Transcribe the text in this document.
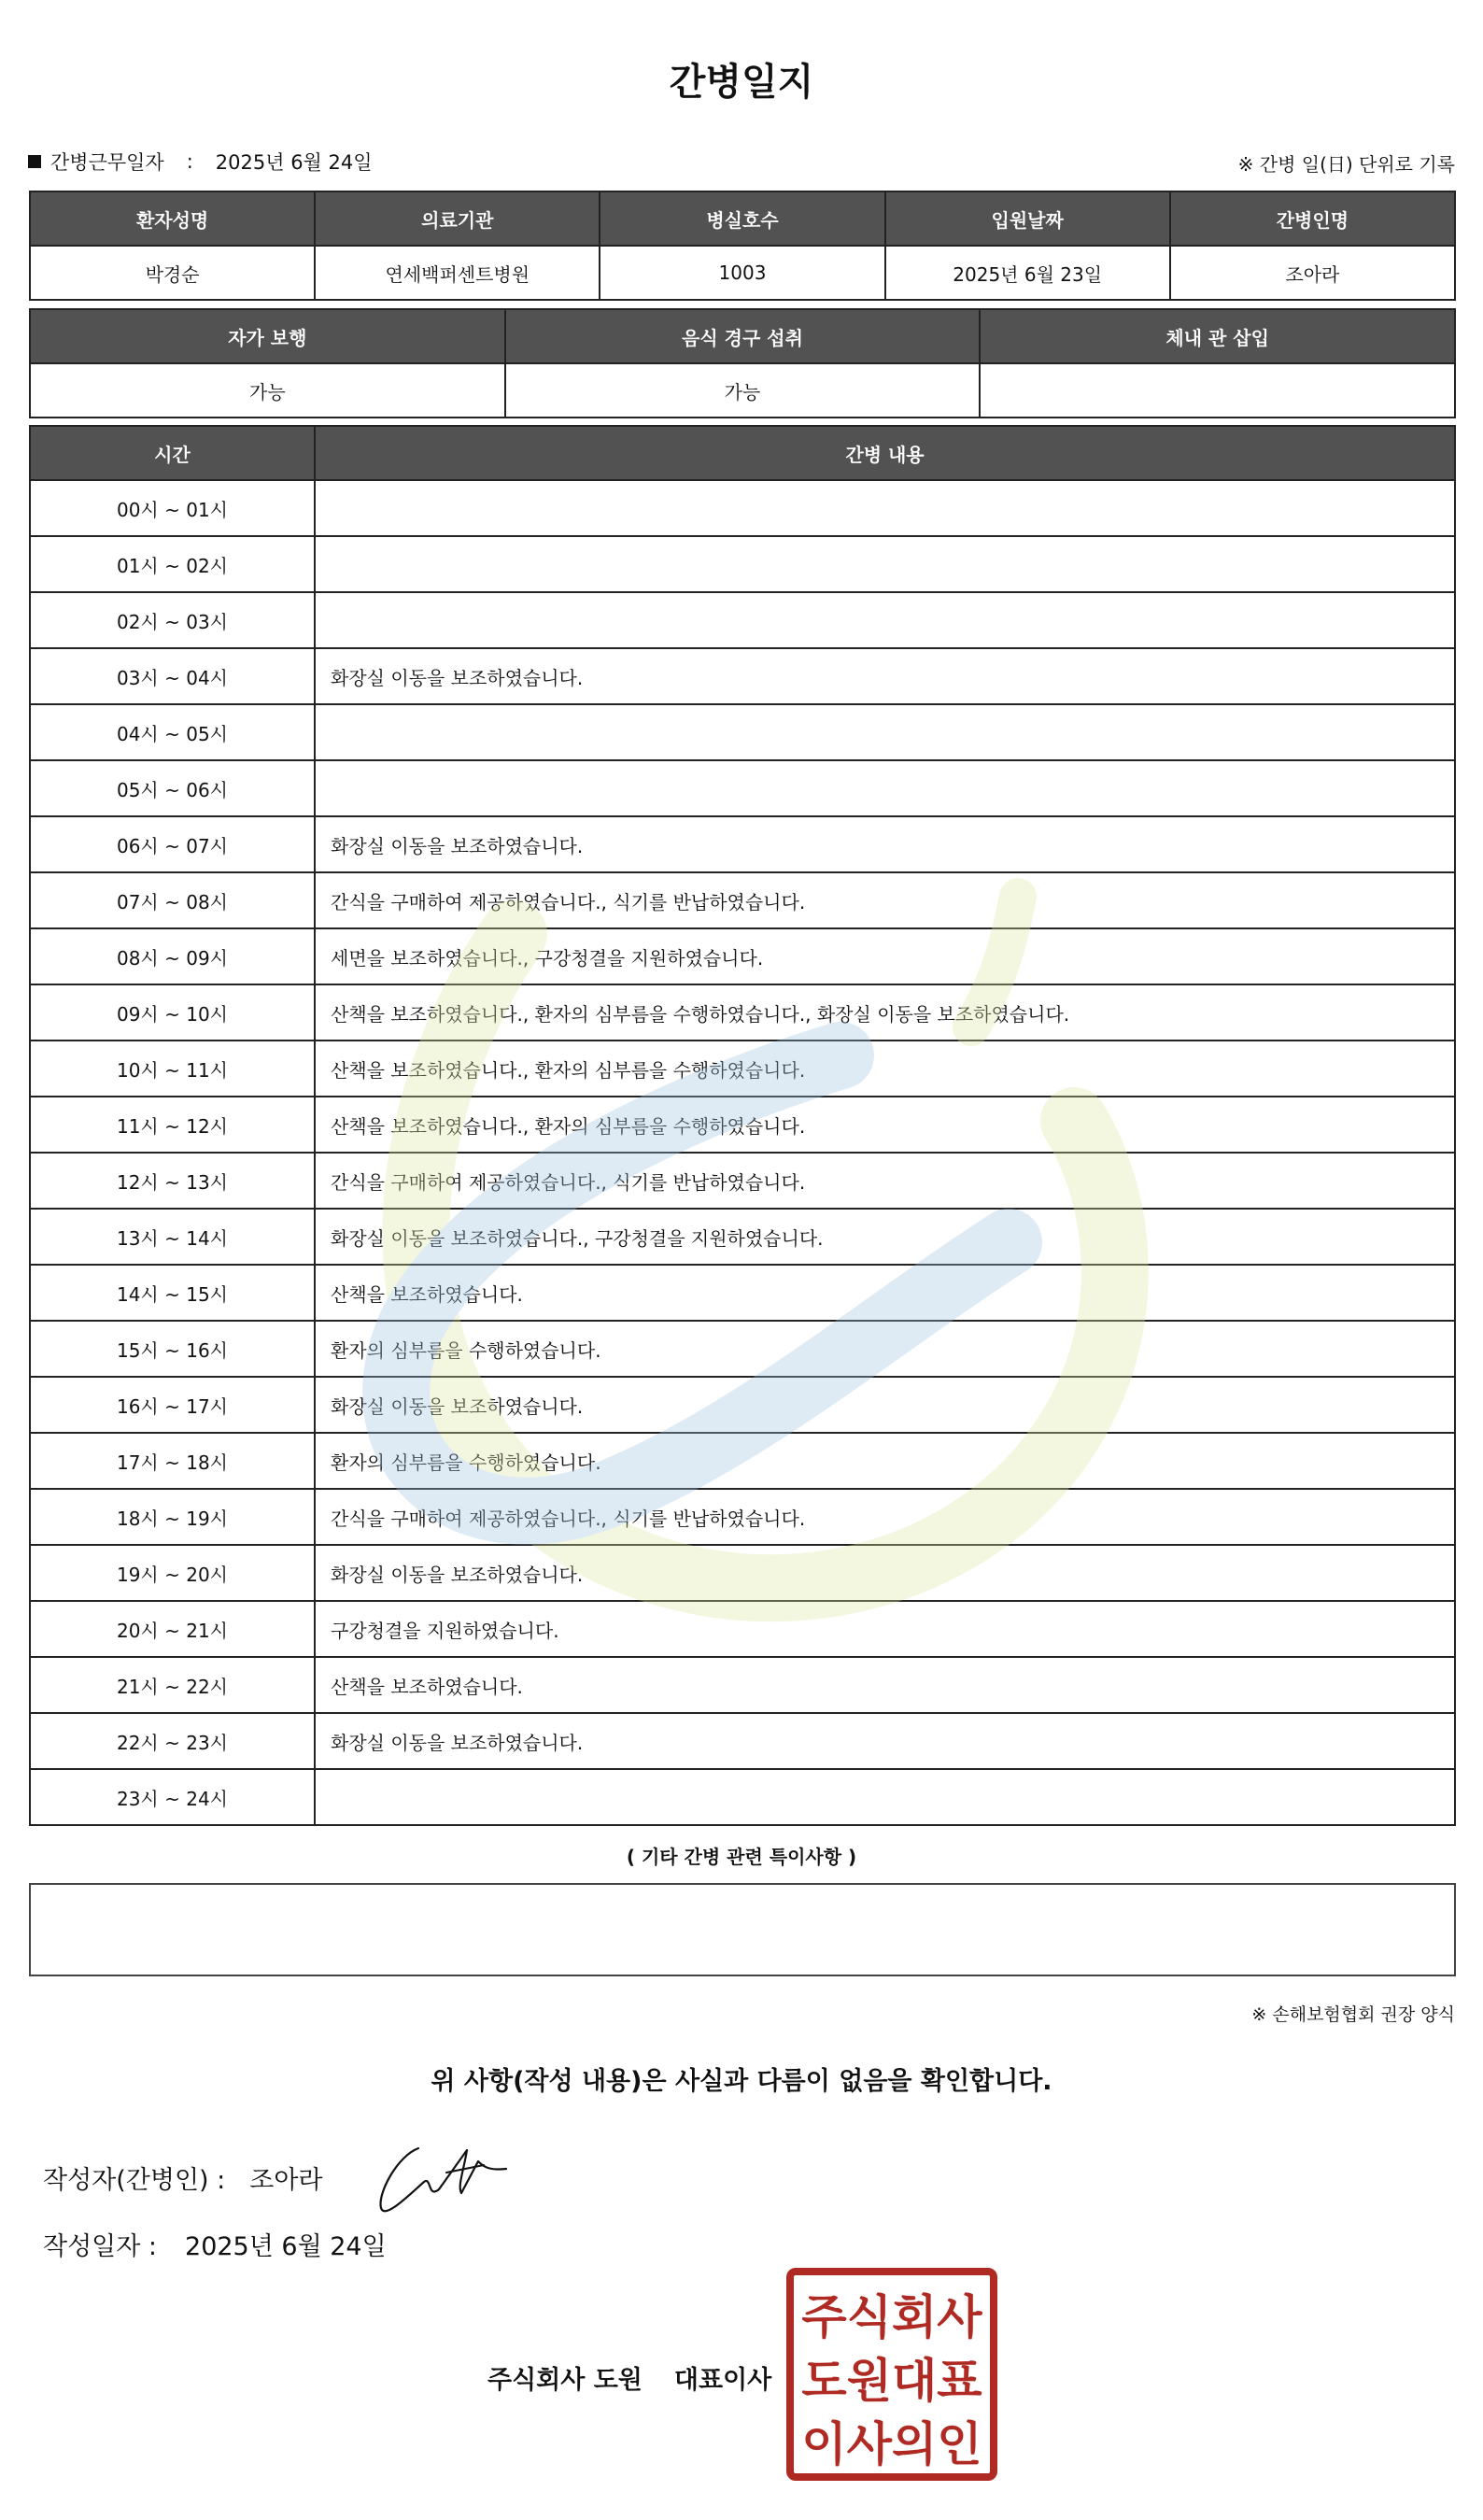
간병일지
간병근무일자 : 2025년 6월 24일	※ 간병 일(日) 단위로 기록
환자성명	의료기관	병실호수	입원날짜	간병인명
박경순	연세백퍼센트병원	1003	2025년 6월 23일	조아라
자가 보행	음식 경구 섭취	체내 관 삽입
가능	가능	
시간	간병 내용
00시 ~ 01시	
01시 ~ 02시	
02시 ~ 03시	
03시 ~ 04시	화장실 이동을 보조하였습니다.
04시 ~ 05시	
05시 ~ 06시	
06시 ~ 07시	화장실 이동을 보조하였습니다.
07시 ~ 08시	간식을 구매하여 제공하였습니다., 식기를 반납하였습니다.
08시 ~ 09시	세면을 보조하였습니다., 구강청결을 지원하였습니다.
09시 ~ 10시	산책을 보조하였습니다., 환자의 심부름을 수행하였습니다., 화장실 이동을 보조하였습니다.
10시 ~ 11시	산책을 보조하였습니다., 환자의 심부름을 수행하였습니다.
11시 ~ 12시	산책을 보조하였습니다., 환자의 심부름을 수행하였습니다.
12시 ~ 13시	간식을 구매하여 제공하였습니다., 식기를 반납하였습니다.
13시 ~ 14시	화장실 이동을 보조하였습니다., 구강청결을 지원하였습니다.
14시 ~ 15시	산책을 보조하였습니다.
15시 ~ 16시	환자의 심부름을 수행하였습니다.
16시 ~ 17시	화장실 이동을 보조하였습니다.
17시 ~ 18시	환자의 심부름을 수행하였습니다.
18시 ~ 19시	간식을 구매하여 제공하였습니다., 식기를 반납하였습니다.
19시 ~ 20시	화장실 이동을 보조하였습니다.
20시 ~ 21시	구강청결을 지원하였습니다.
21시 ~ 22시	산책을 보조하였습니다.
22시 ~ 23시	화장실 이동을 보조하였습니다.
23시 ~ 24시	
( 기타 간병 관련 특이사항 )
※ 손해보험협회 권장 양식
위 사항(작성 내용)은 사실과 다름이 없음을 확인합니다.
작성자(간병인) : 조아라
작성일자 : 2025년 6월 24일
주식회사 도원 대표이사
주식회사
도원대표
이사의인
